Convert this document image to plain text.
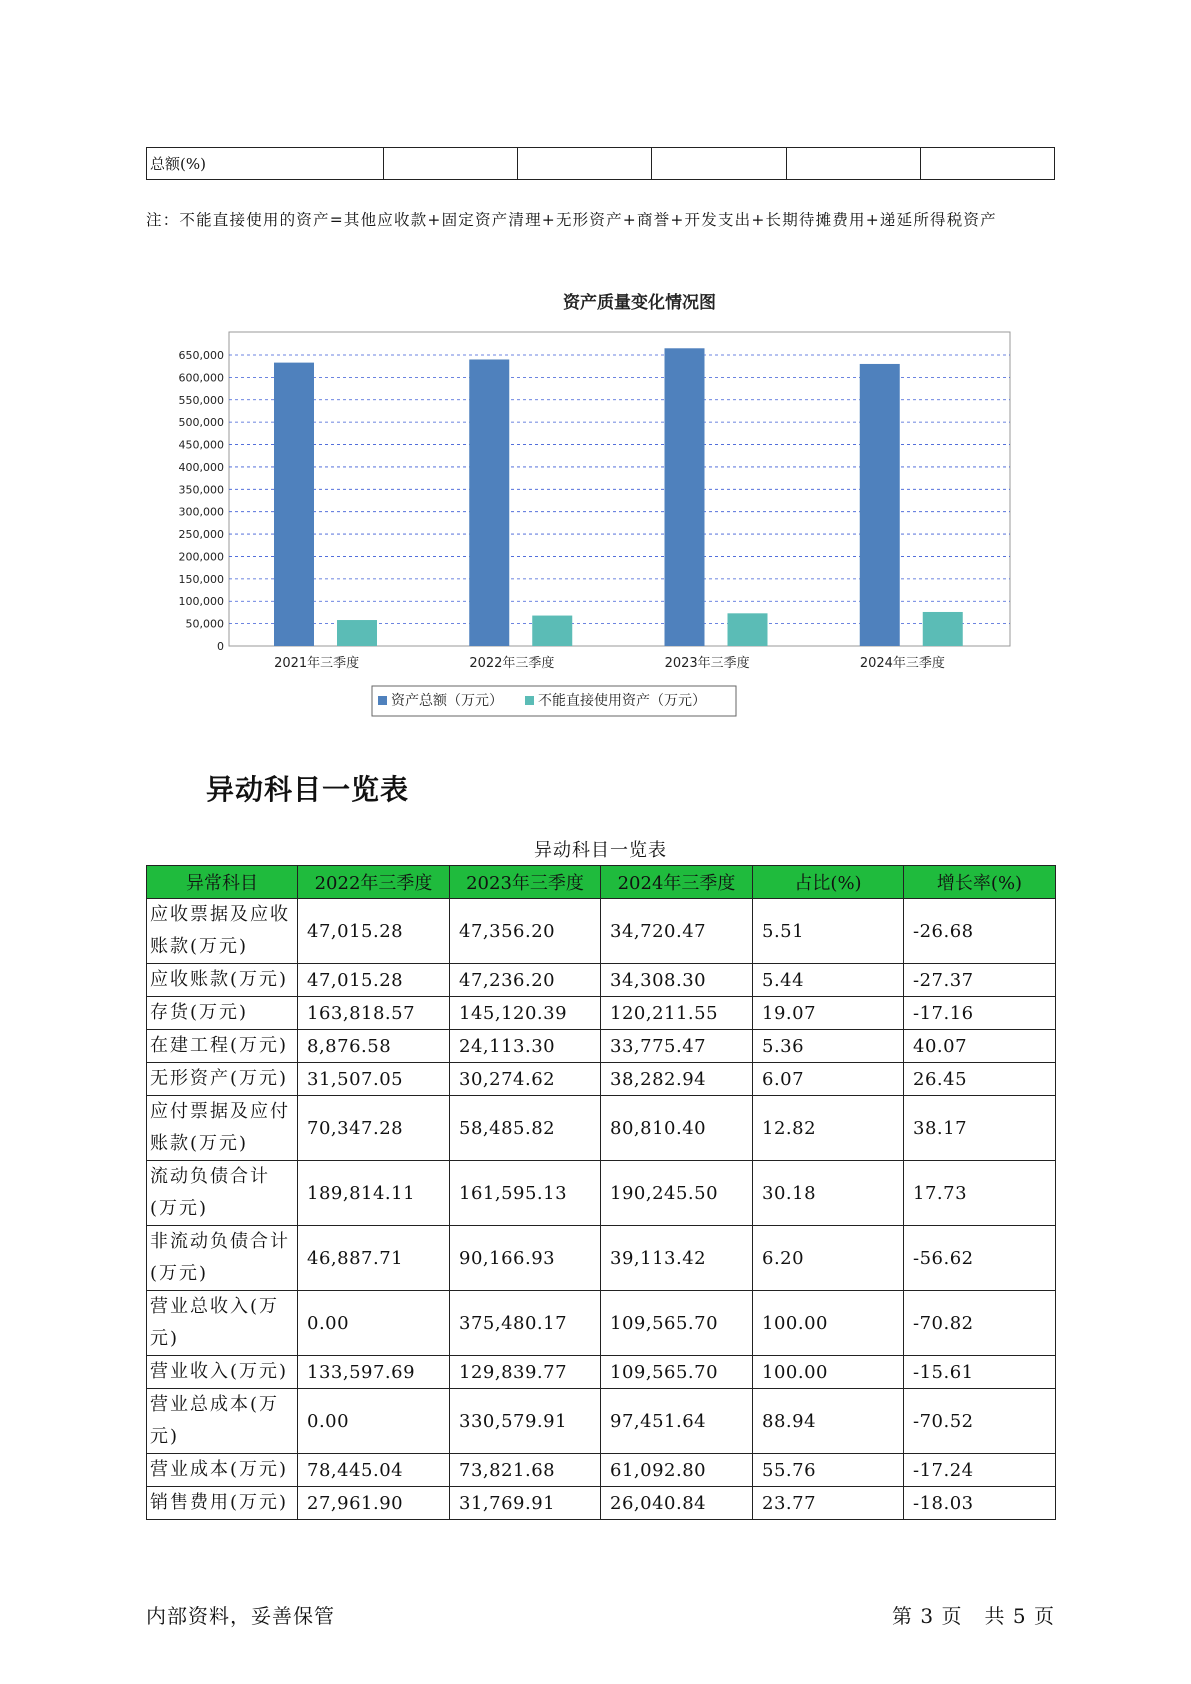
总额(%)					
注：不能直接使用的资产=其他应收款+固定资产清理+无形资产+商誉+开发支出+长期待摊费用+递延所得税资产
资产质量变化情况图
0
50,000
100,000
150,000
200,000
250,000
300,000
350,000
400,000
450,000
500,000
550,000
600,000
650,000
2021年三季度	2022年三季度	2023年三季度	2024年三季度
资产总额（万元）	不能直接使用资产（万元）
异动科目一览表
异动科目一览表
异常科目	2022年三季度	2023年三季度	2024年三季度	占比(%)	增长率(%)
应收票据及应收账款(万元)	47,015.28	47,356.20	34,720.47	5.51	-26.68
应收账款(万元)	47,015.28	47,236.20	34,308.30	5.44	-27.37
存货(万元)	163,818.57	145,120.39	120,211.55	19.07	-17.16
在建工程(万元)	8,876.58	24,113.30	33,775.47	5.36	40.07
无形资产(万元)	31,507.05	30,274.62	38,282.94	6.07	26.45
应付票据及应付账款(万元)	70,347.28	58,485.82	80,810.40	12.82	38.17
流动负债合计(万元)	189,814.11	161,595.13	190,245.50	30.18	17.73
非流动负债合计(万元)	46,887.71	90,166.93	39,113.42	6.20	-56.62
营业总收入(万元)	0.00	375,480.17	109,565.70	100.00	-70.82
营业收入(万元)	133,597.69	129,839.77	109,565.70	100.00	-15.61
营业总成本(万元)	0.00	330,579.91	97,451.64	88.94	-70.52
营业成本(万元)	78,445.04	73,821.68	61,092.80	55.76	-17.24
销售费用(万元)	27,961.90	31,769.91	26,040.84	23.77	-18.03
内部资料，妥善保管	第 3 页   共 5 页
